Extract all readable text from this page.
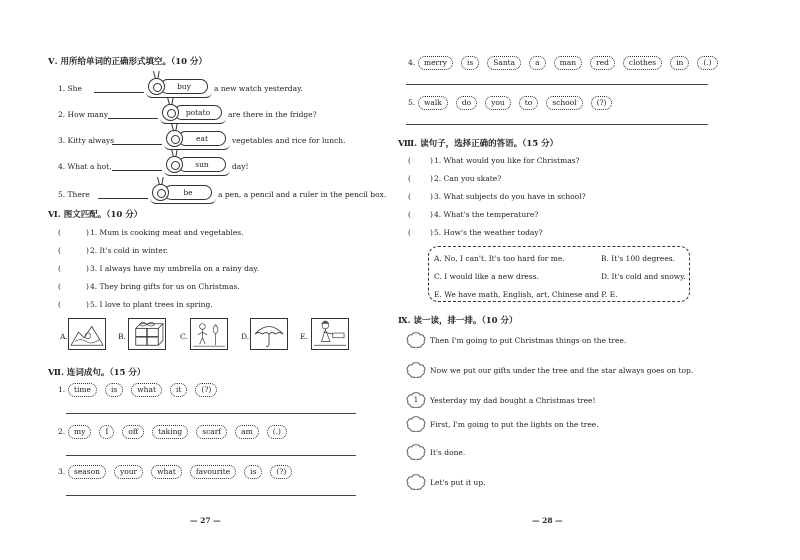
Ⅴ. 用所给单词的正确形式填空。（10 分）
1. She	buy	a new watch yesterday.
2. How many	potato	are there in the fridge?
3. Kitty always	eat	vegetables and rice for lunch.
4. What a hot,	sun	day!
5. There	be	a pen, a pencil and a ruler in the pencil box.
Ⅵ. 图文匹配。（10 分）
(	) 1. Mum is cooking meat and vegetables.
(	) 2. It's cold in winter.
(	) 3. I always have my umbrella on a rainy day.
(	) 4. They bring gifts for us on Christmas.
(	) 5. I love to plant trees in spring.
A.	B.	C.	D.	E.
Ⅶ. 连词成句。（15 分）
1.	time	is	what	it	(?)
2.	my	I	off	taking	scarf	am	(.)
3.	season	your	what	favourite	is	(?)
— 27 —
4.	merry	is	Santa	a	man	red	clothes	in	(.)
5.	walk	do	you	to	school	(?)
Ⅷ. 读句子，选择正确的答语。（15 分）
(	) 1. What would you like for Christmas?
(	) 2. Can you skate?
(	) 3. What subjects do you have in school?
(	) 4. What's the temperature?
(	) 5. How's the weather today?
A. No, I can't. It's too hard for me.	B. It's 100 degrees.
C. I would like a new dress.	D. It's cold and snowy.
E. We have math, English, art, Chinese and P. E.
Ⅸ. 读一读，排一排。（10 分）
Then I'm going to put Christmas things on the tree.
Now we put our gifts under the tree and the star always goes on top.
1	Yesterday my dad bought a Christmas tree!
First, I'm going to put the lights on the tree.
It's done.
Let's put it up.
— 28 —
